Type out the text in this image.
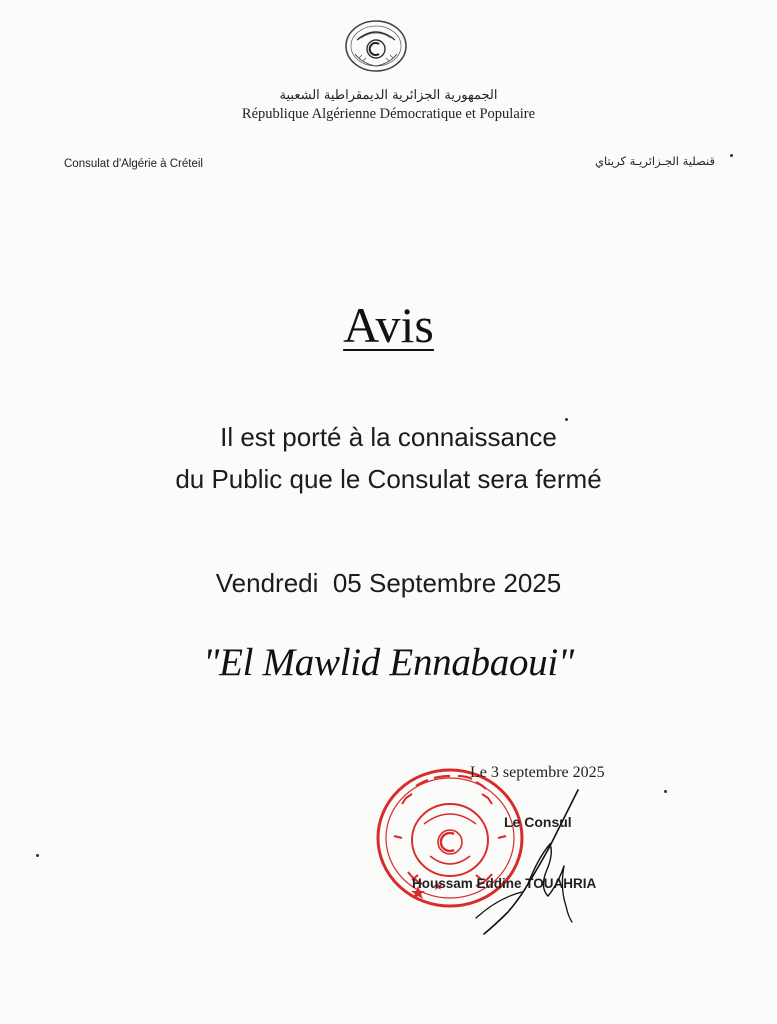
الجمهورية الجزائرية الديمقراطية الشعبية
République Algérienne Démocratique et Populaire
Consulat d'Algérie à Créteil	قنصلية الجـزائريـة كريتاي
Avis
Il est porté à la connaissance
du Public que le Consulat sera fermé
Vendredi  05 Septembre 2025
"El Mawlid Ennabaoui"
Le 3 septembre 2025
Le Consul
Houssam Eddine TOUAHRIA
